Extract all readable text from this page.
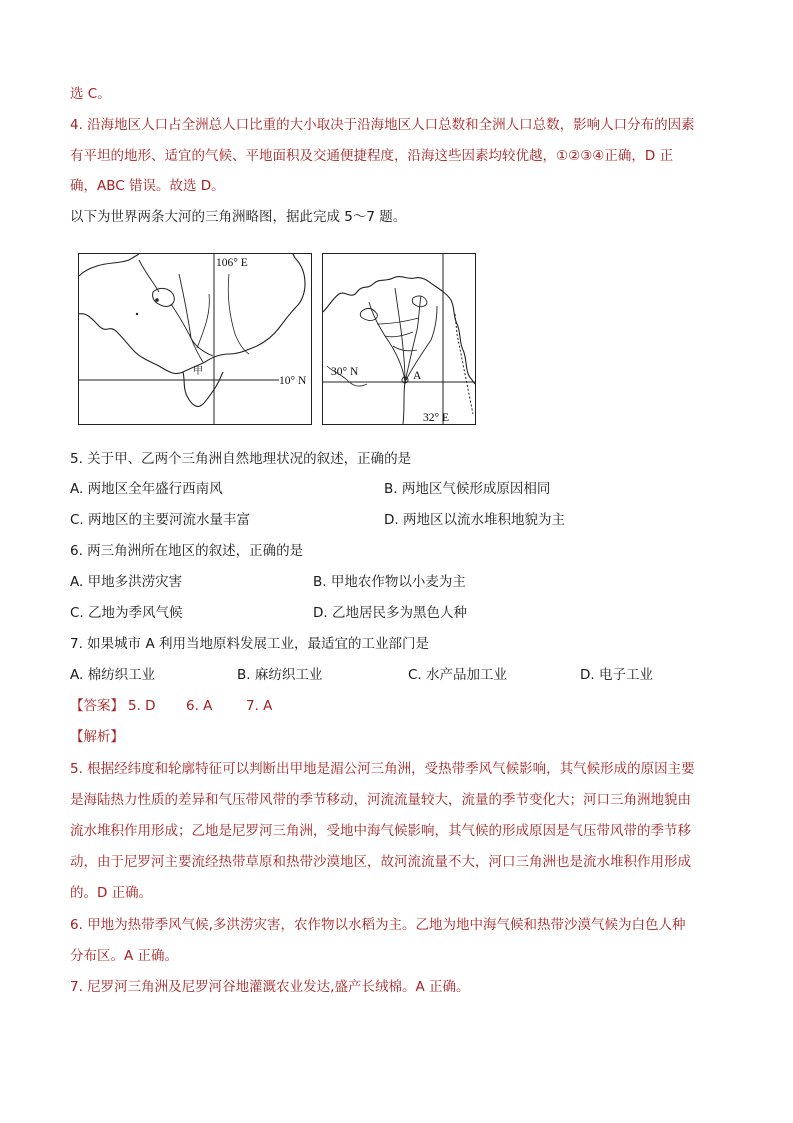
选 C。
4. 沿海地区人口占全洲总人口比重的大小取决于沿海地区人口总数和全洲人口总数，影响人口分布的因素
有平坦的地形、适宜的气候、平地面积及交通便捷程度，沿海这些因素均较优越，①②③④正确，D 正
确，ABC 错误。故选 D。
以下为世界两条大河的三角洲略图，据此完成 5～7 题。
106° E
10° N
甲	30° N	A
32° E
5. 关于甲、乙两个三角洲自然地理状况的叙述，正确的是
A. 两地区全年盛行西南风	B. 两地区气候形成原因相同
C. 两地区的主要河流水量丰富	D. 两地区以流水堆积地貌为主
6. 两三角洲所在地区的叙述，正确的是
A. 甲地多洪涝灾害	B. 甲地农作物以小麦为主
C. 乙地为季风气候	D. 乙地居民多为黑色人种
7. 如果城市 A 利用当地原料发展工业，最适宜的工业部门是
A. 棉纺织工业	B. 麻纺织工业	C. 水产品加工业	D. 电子工业
【答案】 5. D 6. A 7. A
【解析】
5. 根据经纬度和轮廓特征可以判断出甲地是湄公河三角洲，受热带季风气候影响，其气候形成的原因主要
是海陆热力性质的差异和气压带风带的季节移动，河流流量较大，流量的季节变化大；河口三角洲地貌由
流水堆积作用形成；乙地是尼罗河三角洲，受地中海气候影响，其气候的形成原因是气压带风带的季节移
动，由于尼罗河主要流经热带草原和热带沙漠地区，故河流流量不大，河口三角洲也是流水堆积作用形成
的。D 正确。
6. 甲地为热带季风气候,多洪涝灾害，农作物以水稻为主。乙地为地中海气候和热带沙漠气候为白色人种
分布区。A 正确。
7. 尼罗河三角洲及尼罗河谷地灌溉农业发达,盛产长绒棉。A 正确。
